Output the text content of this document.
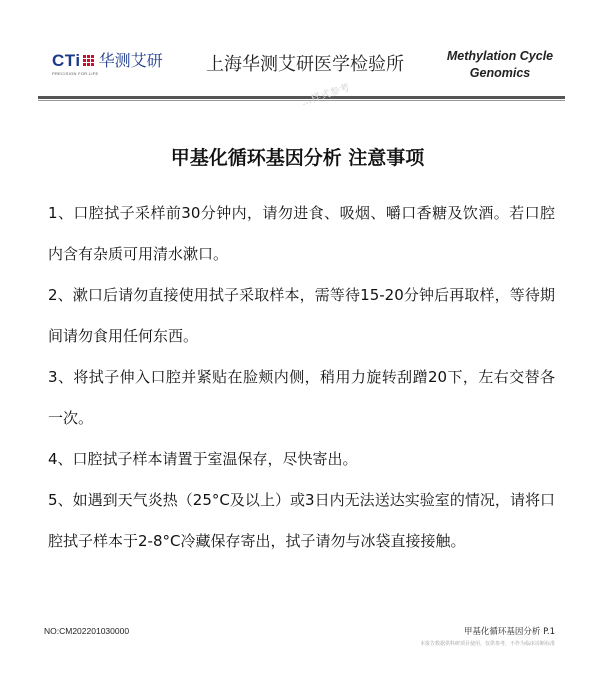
CTi 华测艾研
PRECISION FOR LIFE	上海华测艾研医学检验所	Methylation Cycle
Genomics
…样式参考
甲基化循环基因分析 注意事项

1、口腔拭子采样前30分钟内，请勿进食、吸烟、嚼口香糖及饮酒。若口腔内含有杂质可用清水漱口。

2、漱口后请勿直接使用拭子采取样本，需等待15-20分钟后再取样，等待期间请勿食用任何东西。

3、将拭子伸入口腔并紧贴在脸颊内侧，稍用力旋转刮蹭20下，左右交替各一次。

4、口腔拭子样本请置于室温保存，尽快寄出。

5、如遇到天气炎热（25°C及以上）或3日内无法送达实验室的情况，请将口腔拭子样本于2-8°C冷藏保存寄出，拭子请勿与冰袋直接接触。

NO:CM202201030000	甲基化循环基因分析 P.1
本报告数据供科研项目使用，仅供参考，不作为临床诊断标准
